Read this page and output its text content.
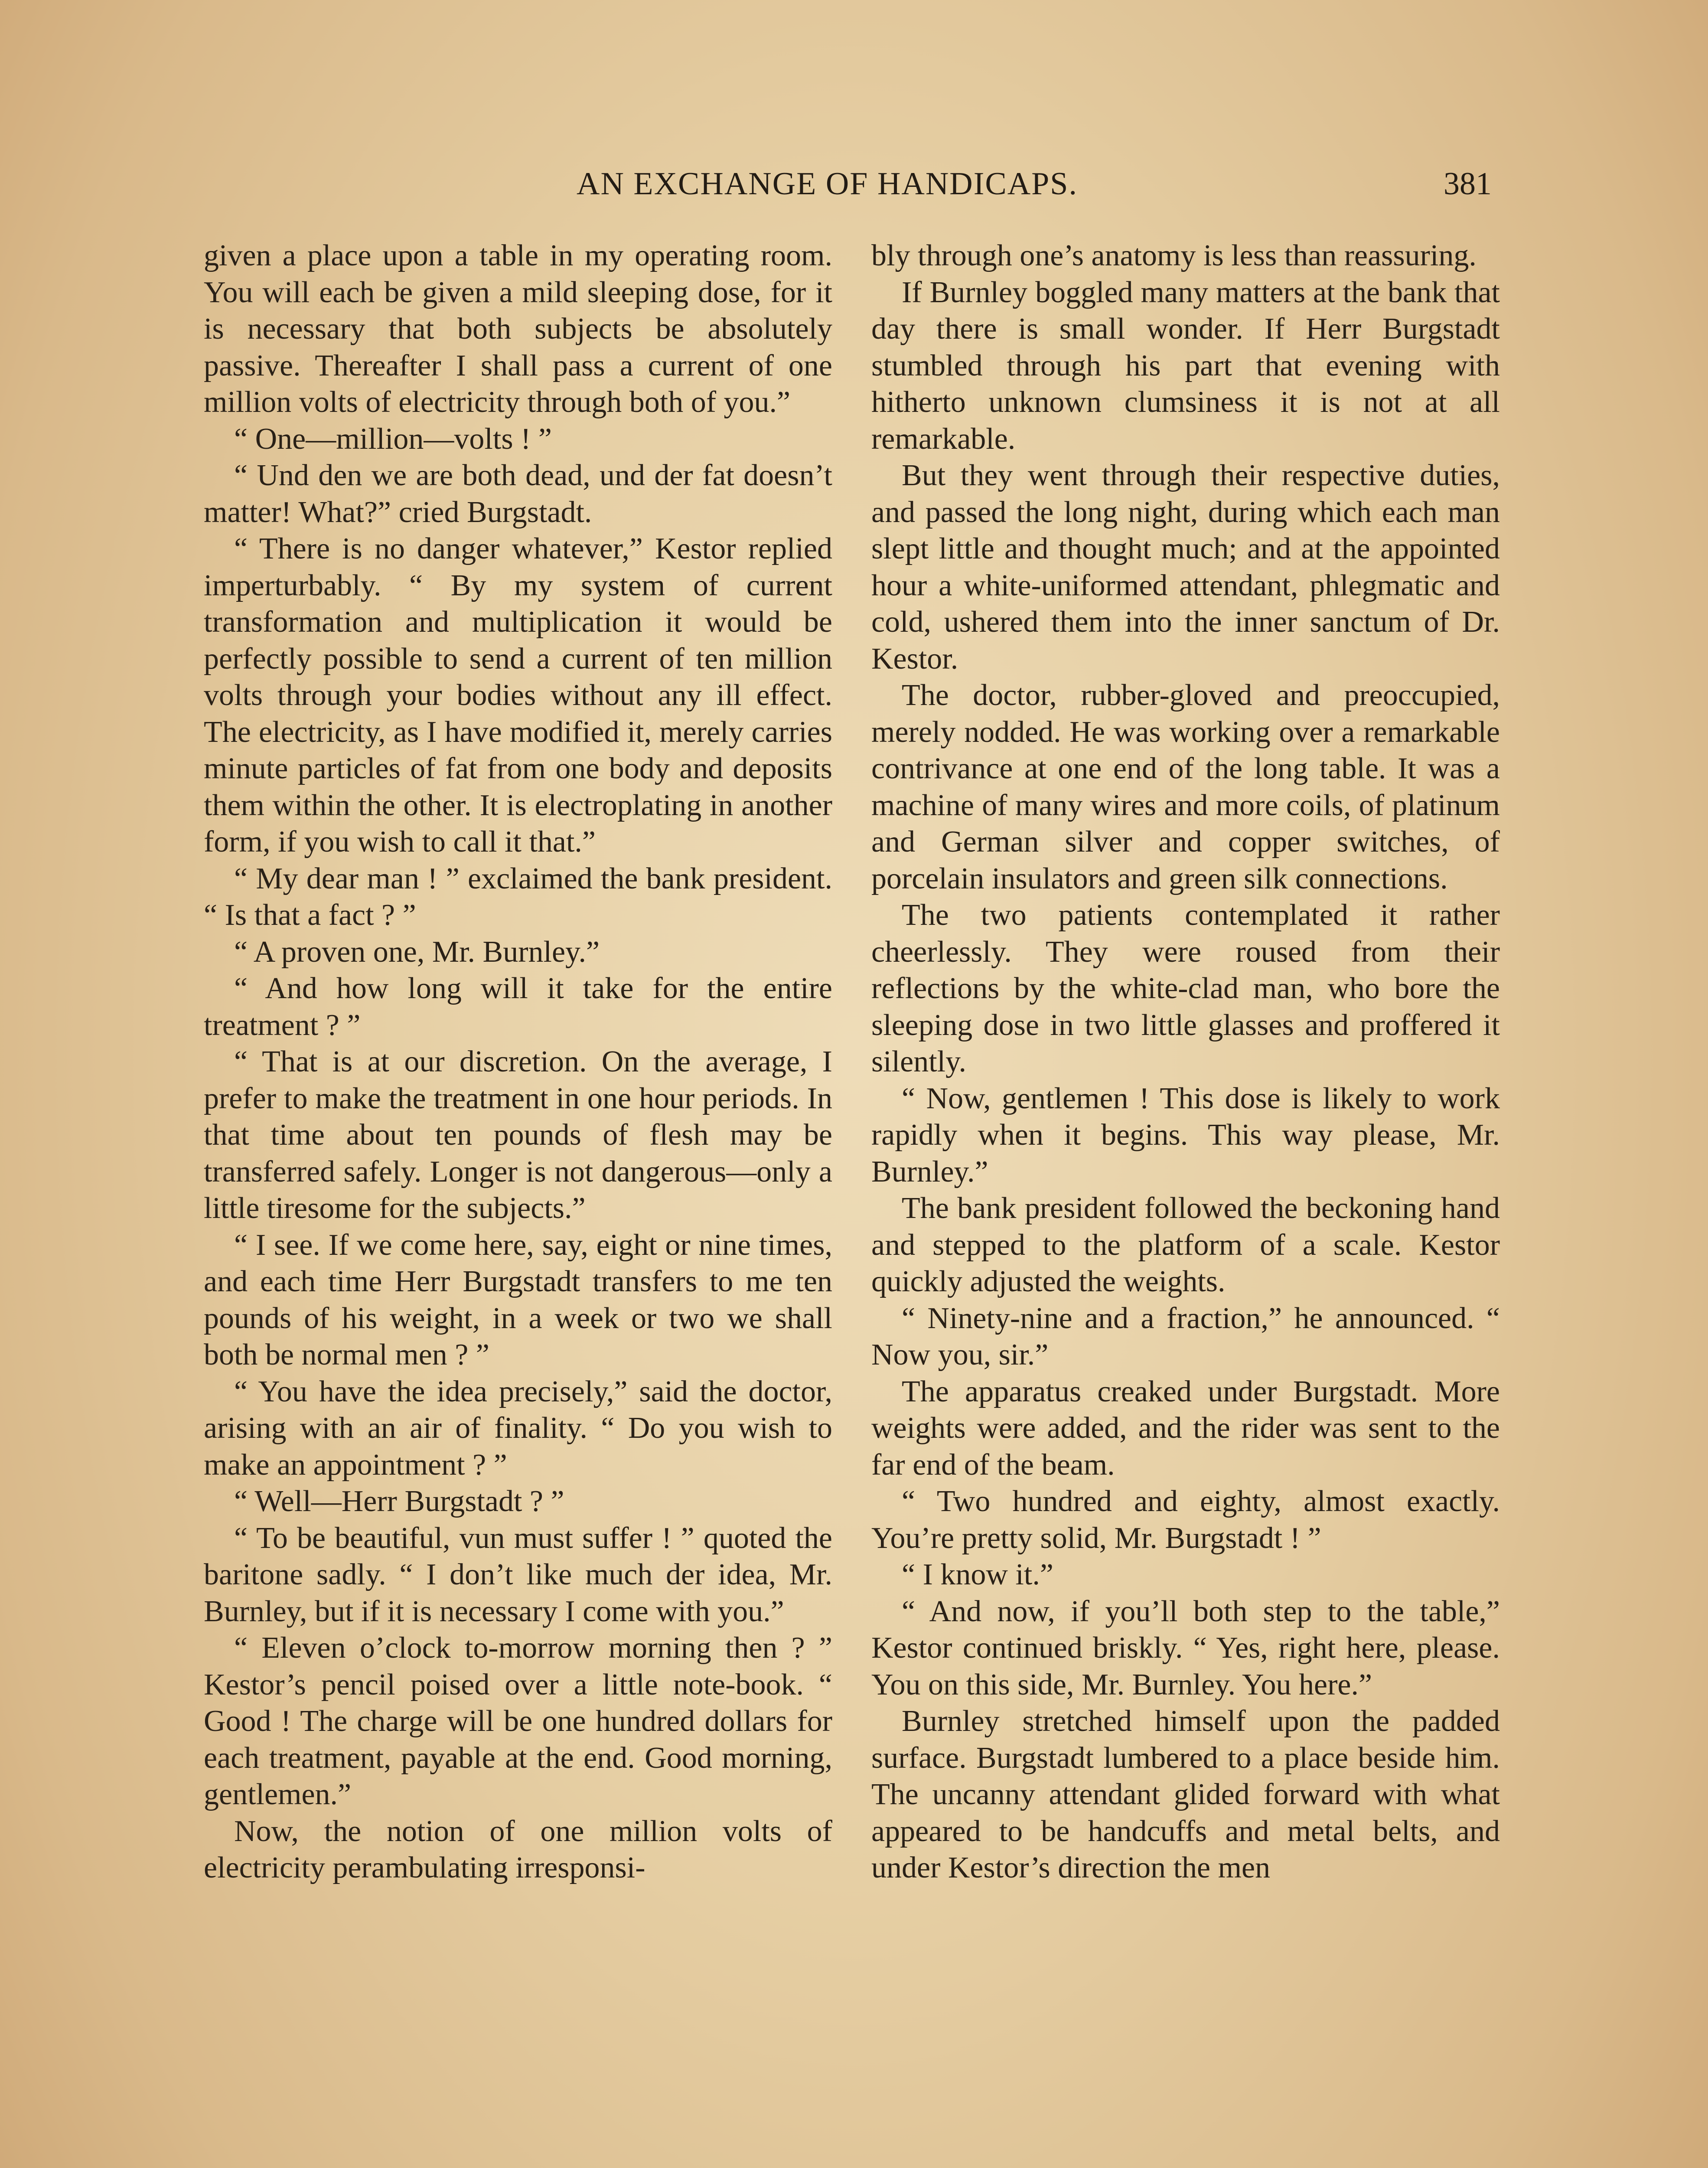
AN EXCHANGE OF HANDICAPS.	381

given a place upon a table in my operating room. You will each be given a mild sleeping dose, for it is necessary that both subjects be absolutely passive. Thereafter I shall pass a current of one million volts of electricity through both of you.”

“ One—million—volts ! ”

“ Und den we are both dead, und der fat doesn’t matter! What?” cried Burgstadt.

“ There is no danger whatever,” Kestor replied imperturbably. “ By my system of current transformation and multiplication it would be perfectly possible to send a current of ten million volts through your bodies without any ill effect. The electricity, as I have modified it, merely carries minute particles of fat from one body and deposits them within the other. It is electroplating in another form, if you wish to call it that.”

“ My dear man ! ” exclaimed the bank president. “ Is that a fact ? ”

“ A proven one, Mr. Burnley.”

“ And how long will it take for the entire treatment ? ”

“ That is at our discretion. On the average, I prefer to make the treatment in one hour periods. In that time about ten pounds of flesh may be transferred safely. Longer is not dangerous—only a little tiresome for the subjects.”

“ I see. If we come here, say, eight or nine times, and each time Herr Burgstadt transfers to me ten pounds of his weight, in a week or two we shall both be normal men ? ”

“ You have the idea precisely,” said the doctor, arising with an air of finality. “ Do you wish to make an appointment ? ”

“ Well—Herr Burgstadt ? ”

“ To be beautiful, vun must suffer ! ” quoted the baritone sadly. “ I don’t like much der idea, Mr. Burnley, but if it is necessary I come with you.”

“ Eleven o’clock to-morrow morning then ? ” Kestor’s pencil poised over a little note-book. “ Good ! The charge will be one hundred dollars for each treatment, payable at the end. Good morning, gentlemen.”

Now, the notion of one million volts of electricity perambulating irresponsi-

bly through one’s anatomy is less than reassuring.

If Burnley boggled many matters at the bank that day there is small wonder. If Herr Burgstadt stumbled through his part that evening with hitherto unknown clumsiness it is not at all remarkable.

But they went through their respective duties, and passed the long night, during which each man slept little and thought much; and at the appointed hour a white-uniformed attendant, phlegmatic and cold, ushered them into the inner sanctum of Dr. Kestor.

The doctor, rubber-gloved and preoccupied, merely nodded. He was working over a remarkable contrivance at one end of the long table. It was a machine of many wires and more coils, of platinum and German silver and copper switches, of porcelain insulators and green silk connections.

The two patients contemplated it rather cheerlessly. They were roused from their reflections by the white-clad man, who bore the sleeping dose in two little glasses and proffered it silently.

“ Now, gentlemen ! This dose is likely to work rapidly when it begins. This way please, Mr. Burnley.”

The bank president followed the beckoning hand and stepped to the platform of a scale. Kestor quickly adjusted the weights.

“ Ninety-nine and a fraction,” he announced. “ Now you, sir.”

The apparatus creaked under Burgstadt. More weights were added, and the rider was sent to the far end of the beam.

“ Two hundred and eighty, almost exactly. You’re pretty solid, Mr. Burgstadt ! ”

“ I know it.”

“ And now, if you’ll both step to the table,” Kestor continued briskly. “ Yes, right here, please. You on this side, Mr. Burnley. You here.”

Burnley stretched himself upon the padded surface. Burgstadt lumbered to a place beside him. The uncanny attendant glided forward with what appeared to be handcuffs and metal belts, and under Kestor’s direction the men
